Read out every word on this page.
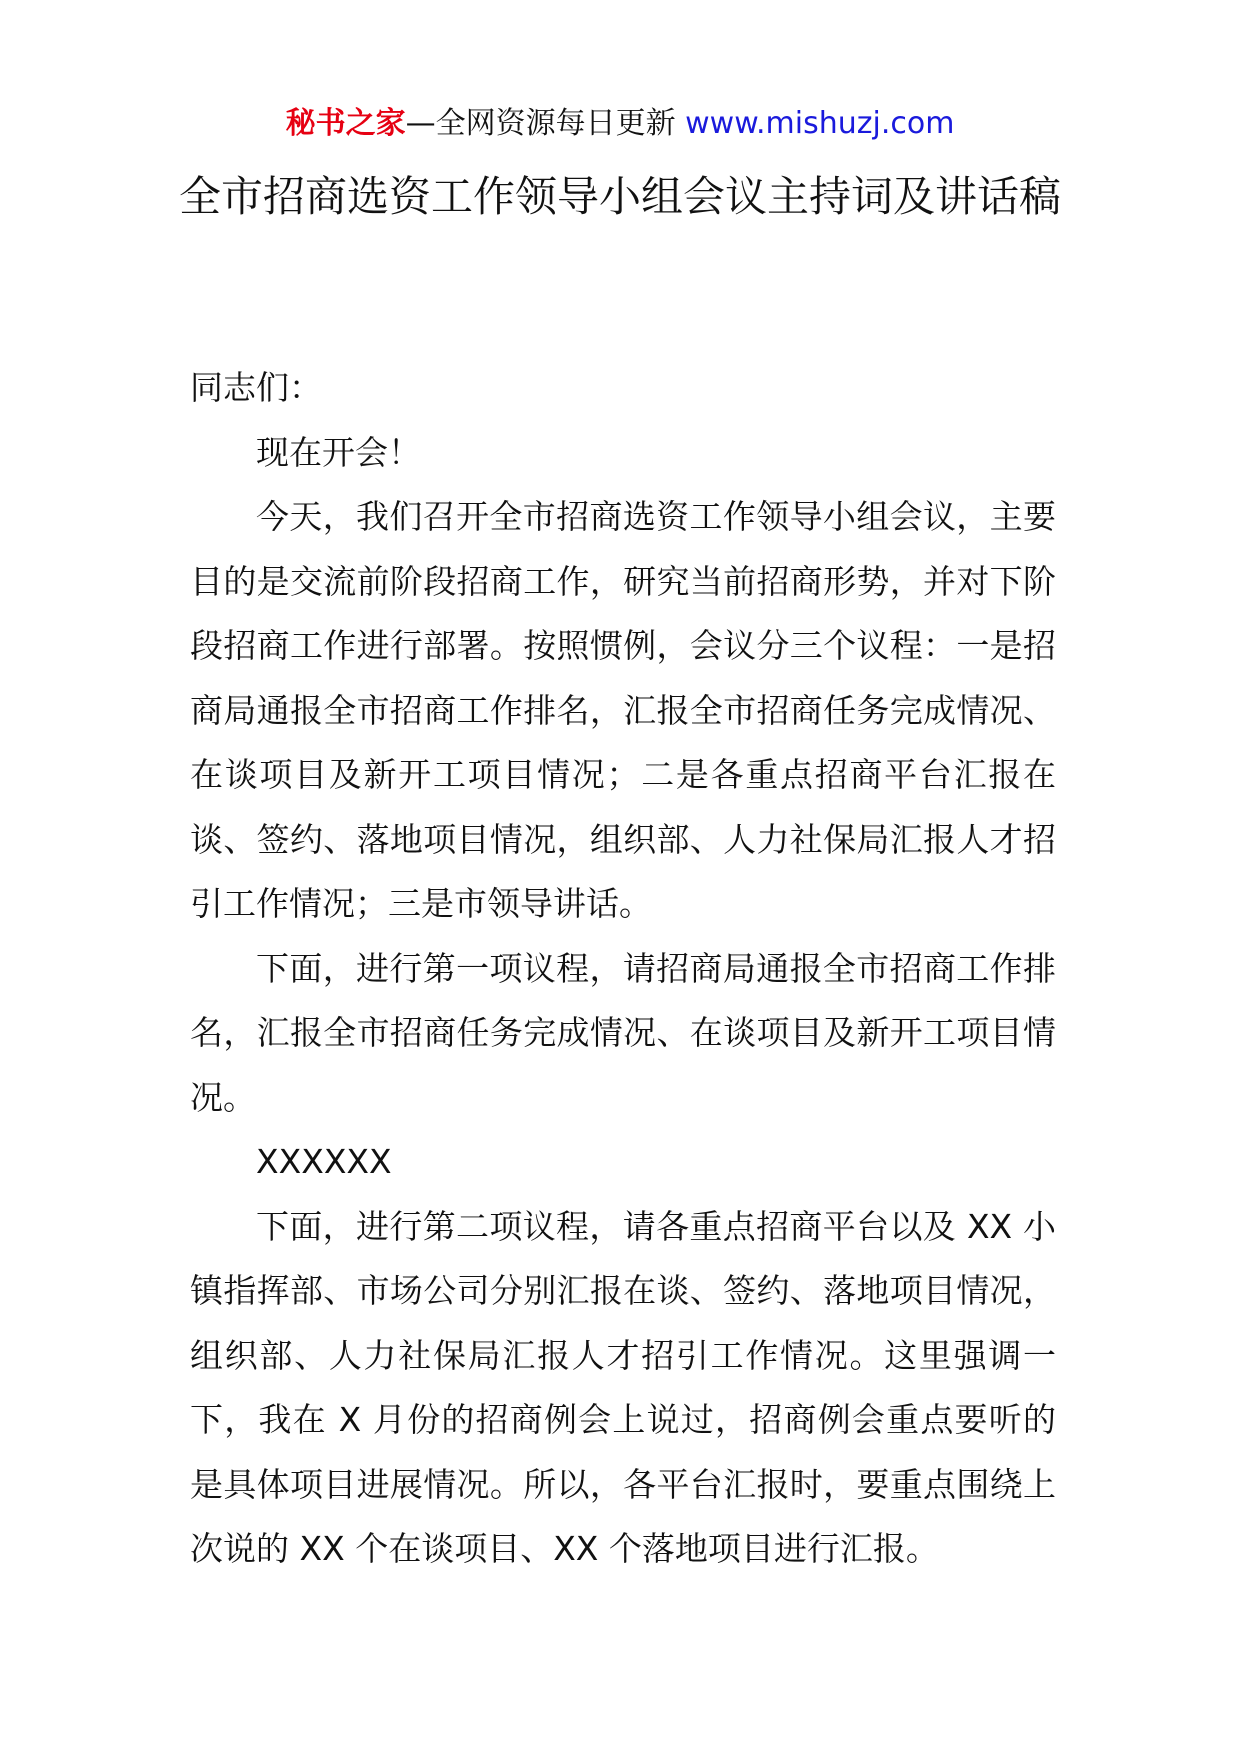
秘书之家—全网资源每日更新 www.mishuzj.com
全市招商选资工作领导小组会议主持词及讲话稿

同志们：

现在开会！

今天，我们召开全市招商选资工作领导小组会议，主要目的是交流前阶段招商工作，研究当前招商形势，并对下阶段招商工作进行部署。按照惯例，会议分三个议程：一是招商局通报全市招商工作排名，汇报全市招商任务完成情况、在谈项目及新开工项目情况；二是各重点招商平台汇报在谈、签约、落地项目情况，组织部、人力社保局汇报人才招引工作情况；三是市领导讲话。

下面，进行第一项议程，请招商局通报全市招商工作排名，汇报全市招商任务完成情况、在谈项目及新开工项目情况。

XXXXXX

下面，进行第二项议程，请各重点招商平台以及 XX 小镇指挥部、市场公司分别汇报在谈、签约、落地项目情况，组织部、人力社保局汇报人才招引工作情况。这里强调一下，我在 X 月份的招商例会上说过，招商例会重点要听的是具体项目进展情况。所以，各平台汇报时，要重点围绕上次说的 XX 个在谈项目、XX 个落地项目进行汇报。
